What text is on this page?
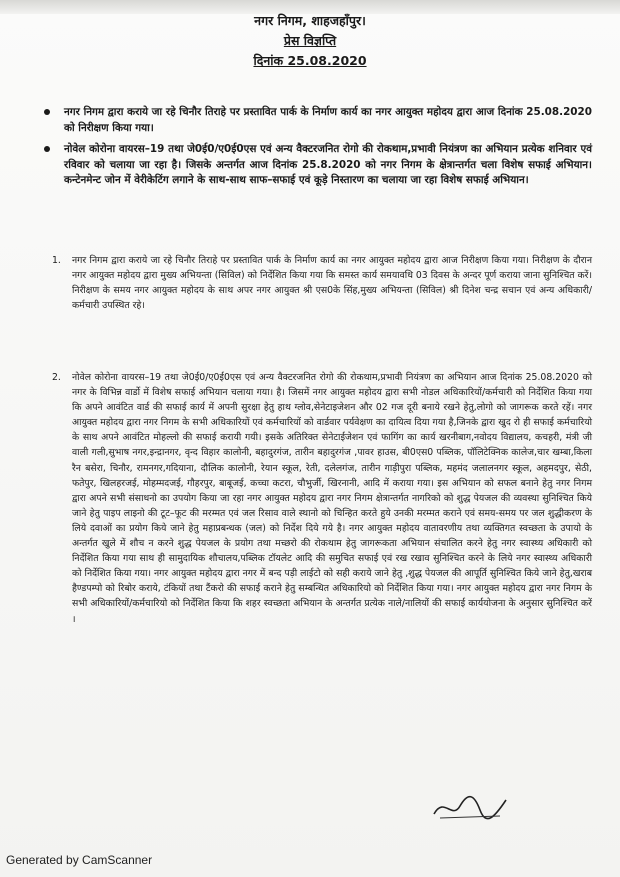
नगर निगम, शाहजहाँपुर।
प्रेस विज्ञप्ति
दिनांक 25.08.2020
नगर निगम द्वारा कराये जा रहे चिनौर तिराहे पर प्रस्तावित पार्क के निर्माण कार्य का नगर आयुक्त महोदय द्वारा आज दिनांक 25.08.2020 को निरीक्षण किया गया।
नोवेल कोरोना वायरस–19 तथा जे0ई0/ए0ई0एस एवं अन्य वैक्टरजनित रोगो की रोकथाम,प्रभावी नियंत्रण का अभियान प्रत्येक शनिवार एवं रविवार को चलाया जा रहा है। जिसके अन्तर्गत आज दिनांक 25.8.2020 को नगर निगम के क्षेत्रान्तर्गत चला विशेष सफाई अभियान। कन्टेनमेन्ट जोन में वेरीकेटिंग लगाने के साथ-साथ साफ–सफाई एवं कूड़े निस्तारण का चलाया जा रहा विशेष सफाई अभियान।
1. नगर निगम द्वारा कराये जा रहे चिनौर तिराहे पर प्रस्तावित पार्क के निर्माण कार्य का नगर आयुक्त महोदय द्वारा आज निरीक्षण किया गया। निरीक्षण के दौरान नगर आयुक्त महोदय द्वारा मुख्य अभियन्ता (सिविल) को निर्देशित किया गया कि समस्त कार्य समयावधि 03 दिवस के अन्दर पूर्ण कराया जाना सुनिश्चित करें। निरीक्षण के समय नगर आयुक्त महोदय के साथ अपर नगर आयुक्त श्री एस0के सिंह,मुख्य अभियन्ता (सिविल) श्री दिनेश चन्द्र सचान एवं अन्य अधिकारी/कर्मचारी उपस्थित रहे।
2. नोवेल कोरोना वायरस–19 तथा जे0ई0/ए0ई0एस एवं अन्य वैक्टरजनित रोगो की रोकथाम,प्रभावी नियंत्रण का अभियान आज दिनांक 25.08.2020 को नगर के विभिन्न वार्डो में विशेष सफाई अभियान चलाया गया। है। जिसमें नगर आयुक्त महोदय द्वारा सभी नोडल अधिकारियों/कर्मचारी को निर्देशित किया गया कि अपने आवंटित वार्ड की सफाई कार्य में अपनी सुरक्षा हेतु हाथ ग्लोव,सेनेटाइजेशन और 02 गज दूरी बनाये रखने हेतु,लोगो को जागरूक करते रहें। नगर आयुक्त महोदय द्वारा नगर निगम के सभी अधिकारियों एवं कर्मचारियों को वार्डवार पर्यवेक्षण का दायित्व दिया गया है,जिनके द्वारा खुद रो ही सफाई कर्मचारियो के साथ अपने आवंटित मोहल्लो की सफाई करायी गयी। इसके अतिरिक्त सेनेटाईजेशन एवं फागिंग का कार्य खरनीबाग,नवोदय विद्यालय, कचहरी, मंत्री जी वाली गली,सुभाष नगर,इन्द्रानगर, वृन्द विहार कालोनी, बहादुरगंज, तारीन बहादुरगंज ,पावर हाउस, बी0एस0 पब्लिक, पॉलिटेक्निक कालेज,चार खम्बा,किला रैन बसेरा, चिनौर, रामनगर,गदियाना, दौलिक कालोनी, रेयान स्कूल, रेती, दलेलगंज, तारीन गाड़ीपुरा पब्लिक, महमंद जलालनगर स्कूल, अहमदपुर, सेठी, फतेपुर, खिलहरजई, मोहम्मदजई, गौहरपुर, बाबूजई, कच्चा कटरा, चौभुर्जी, खिरनानी, आदि में कराया गया। इस अभियान को सफल बनाने हेतु नगर निगम द्वारा अपने सभी संसाधनो का उपयोग किया जा रहा नगर आयुक्त महोदय द्वारा नगर निगम क्षेत्रान्तर्गत नागरिको को शुद्ध पेयजल की व्यवस्था सुनिश्चित किये जाने हेतु पाइप लाइनो की टूट–फूट की मरम्मत एवं जल रिसाव वाले स्थानो को चिन्हित करते हुये उनकी मरम्मत कराने एवं समय-समय पर जल शुद्धीकरण के लिये दवाओं का प्रयोग किये जाने हेतु महाप्रबन्धक (जल) को निर्देश दिये गये है। नगर आयुक्त महोदय वातावरणीय तथा व्यक्तिगत स्वच्छता के उपायो के अन्तर्गत खुले में शौच न करने शुद्ध पेयजल के प्रयोग तथा मच्छरो की रोकथाम हेतु जागरूकता अभियान संचालित करने हेतु नगर स्वास्थ्य अधिकारी को निर्देशित किया गया साथ ही सामुदायिक शौचालय,पब्लिक टॉयलेट आदि की समुचित सफाई एवं रख रखाव सुनिश्चित करने के लिये नगर स्वास्थ्य अधिकारी को निर्देशित किया गया। नगर आयुक्त महोदय द्वारा नगर में बन्द पड़ी लाईटो को सही कराये जाने हेतु ,शुद्ध पेयजल की आपूर्ति सुनिश्चित किये जाने हेतु,खराब हैण्डपम्पो को रिबोर कराये, टंकियों तथा टैंकरो की सफाई कराने हेतु सम्बन्धित अधिकारियो को निर्देशित किया गया। नगर आयुक्त महोदय द्वारा नगर निगम के सभी अधिकारियों/कर्मचारियो को निर्देशित किया कि शहर स्वच्छता अभियान के अन्तर्गत प्रत्येक नाले/नालियों की सफाई कार्ययोजना के अनुसार सुनिश्चित करें ।
Generated by CamScanner
